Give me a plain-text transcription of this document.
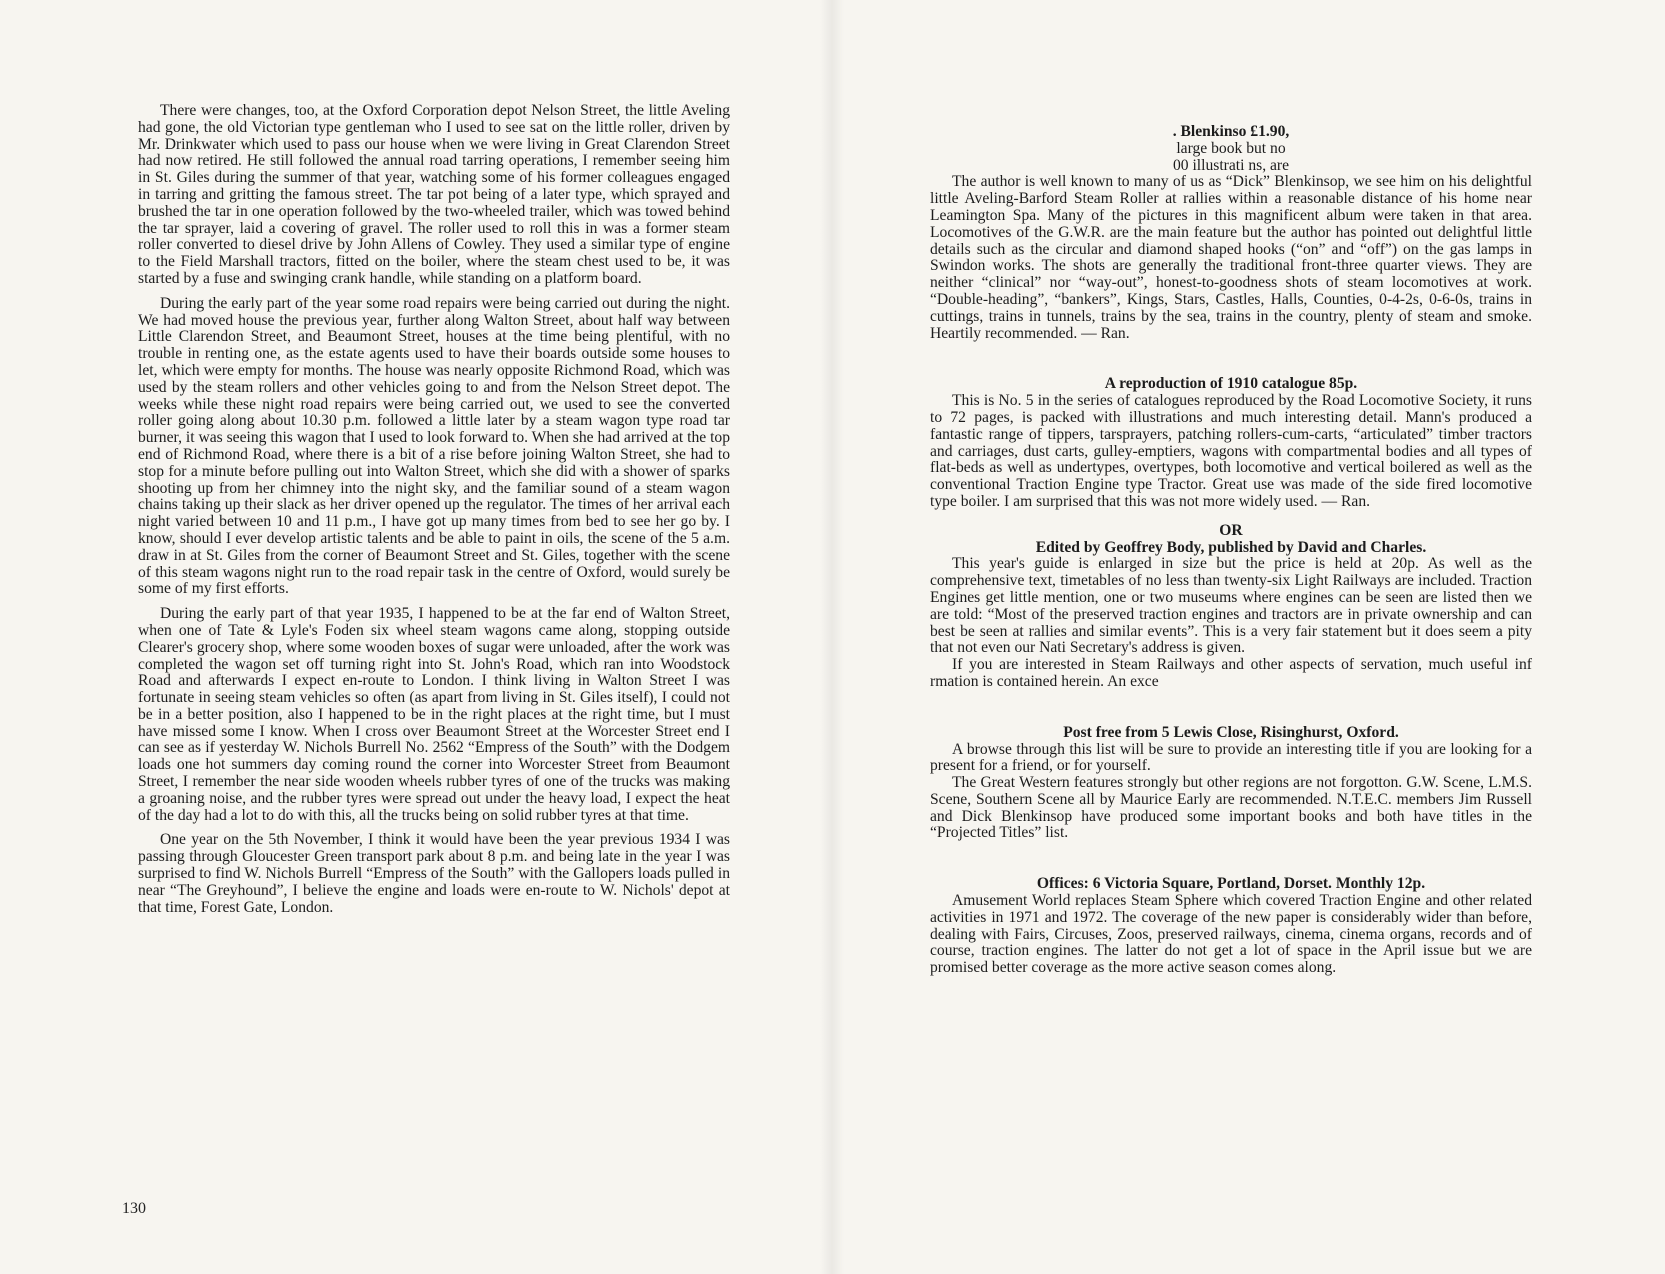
There were changes, too, at the Oxford Corporation depot Nelson Street, the little Aveling had gone, the old Victorian type gentleman who I used to see sat on the little roller, driven by Mr. Drinkwater which used to pass our house when we were living in Great Clarendon Street had now retired. He still followed the annual road tarring operations, I remember seeing him in St. Giles during the summer of that year, watching some of his former colleagues engaged in tarring and gritting the famous street. The tar pot being of a later type, which sprayed and brushed the tar in one operation followed by the two-wheeled trailer, which was towed behind the tar sprayer, laid a covering of gravel. The roller used to roll this in was a former steam roller converted to diesel drive by John Allens of Cowley. They used a similar type of engine to the Field Marshall tractors, fitted on the boiler, where the steam chest used to be, it was started by a fuse and swinging crank handle, while standing on a platform board.

During the early part of the year some road repairs were being carried out during the night. We had moved house the previous year, further along Walton Street, about half way between Little Clarendon Street, and Beaumont Street, houses at the time being plentiful, with no trouble in renting one, as the estate agents used to have their boards outside some houses to let, which were empty for months. The house was nearly opposite Richmond Road, which was used by the steam rollers and other vehicles going to and from the Nelson Street depot. The weeks while these night road repairs were being carried out, we used to see the converted roller going along about 10.30 p.m. followed a little later by a steam wagon type road tar burner, it was seeing this wagon that I used to look forward to. When she had arrived at the top end of Richmond Road, where there is a bit of a rise before joining Walton Street, she had to stop for a minute before pulling out into Walton Street, which she did with a shower of sparks shooting up from her chimney into the night sky, and the familiar sound of a steam wagon chains taking up their slack as her driver opened up the regulator. The times of her arrival each night varied between 10 and 11 p.m., I have got up many times from bed to see her go by. I know, should I ever develop artistic talents and be able to paint in oils, the scene of the 5 a.m. draw in at St. Giles from the corner of Beaumont Street and St. Giles, together with the scene of this steam wagons night run to the road repair task in the centre of Oxford, would surely be some of my first efforts.

During the early part of that year 1935, I happened to be at the far end of Walton Street, when one of Tate & Lyle's Foden six wheel steam wagons came along, stopping outside Clearer's grocery shop, where some wooden boxes of sugar were unloaded, after the work was completed the wagon set off turning right into St. John's Road, which ran into Woodstock Road and afterwards I expect en-route to London. I think living in Walton Street I was fortunate in seeing steam vehicles so often (as apart from living in St. Giles itself), I could not be in a better position, also I happened to be in the right places at the right time, but I must have missed some I know. When I cross over Beaumont Street at the Worcester Street end I can see as if yesterday W. Nichols Burrell No. 2562 “Empress of the South” with the Dodgem loads one hot summers day coming round the corner into Worcester Street from Beaumont Street, I remember the near side wooden wheels rubber tyres of one of the trucks was making a groaning noise, and the rubber tyres were spread out under the heavy load, I expect the heat of the day had a lot to do with this, all the trucks being on solid rubber tyres at that time.

One year on the 5th November, I think it would have been the year previous 1934 I was passing through Gloucester Green transport park about 8 p.m. and being late in the year I was surprised to find W. Nichols Burrell “Empress of the South” with the Gallopers loads pulled in near “The Greyhound”, I believe the engine and loads were en-route to W. Nichols' depot at that time, Forest Gate, London.

130

. Blenkinso £1.90,

large book but no

00 illustrati ns, are

The author is well known to many of us as “Dick” Blenkinsop, we see him on his delightful little Aveling-Barford Steam Roller at rallies within a reasonable distance of his home near Leamington Spa. Many of the pictures in this magnificent album were taken in that area. Locomotives of the G.W.R. are the main feature but the author has pointed out delightful little details such as the circular and diamond shaped hooks (“on” and “off”) on the gas lamps in Swindon works. The shots are generally the traditional front-three quarter views. They are neither “clinical” nor “way-out”, honest-to-goodness shots of steam locomotives at work. “Double-heading”, “bankers”, Kings, Stars, Castles, Halls, Counties, 0-4-2s, 0-6-0s, trains in cuttings, trains in tunnels, trains by the sea, trains in the country, plenty of steam and smoke. Heartily recommended. — Ran.

A reproduction of 1910 catalogue 85p.

This is No. 5 in the series of catalogues reproduced by the Road Locomotive Society, it runs to 72 pages, is packed with illustrations and much interesting detail. Mann's produced a fantastic range of tippers, tarsprayers, patching rollers-cum-carts, “articulated” timber tractors and carriages, dust carts, gulley-emptiers, wagons with compartmental bodies and all types of flat-beds as well as undertypes, overtypes, both locomotive and vertical boilered as well as the conventional Traction Engine type Tractor. Great use was made of the side fired locomotive type boiler. I am surprised that this was not more widely used. — Ran.

OR

Edited by Geoffrey Body, published by David and Charles.

This year's guide is enlarged in size but the price is held at 20p. As well as the comprehensive text, timetables of no less than twenty-six Light Railways are included. Traction Engines get little mention, one or two museums where engines can be seen are listed then we are told: “Most of the preserved traction engines and tractors are in private ownership and can best be seen at rallies and similar events”. This is a very fair statement but it does seem a pity that not even our Nati Secretary's address is given.

If you are interested in Steam Railways and other aspects of servation, much useful inf rmation is contained herein. An exce

Post free from 5 Lewis Close, Risinghurst, Oxford.

A browse through this list will be sure to provide an interesting title if you are looking for a present for a friend, or for yourself.

The Great Western features strongly but other regions are not forgotton. G.W. Scene, L.M.S. Scene, Southern Scene all by Maurice Early are recommended. N.T.E.C. members Jim Russell and Dick Blenkinsop have produced some important books and both have titles in the “Projected Titles” list.

Offices: 6 Victoria Square, Portland, Dorset. Monthly 12p.

Amusement World replaces Steam Sphere which covered Traction Engine and other related activities in 1971 and 1972. The coverage of the new paper is considerably wider than before, dealing with Fairs, Circuses, Zoos, preserved railways, cinema, cinema organs, records and of course, traction engines. The latter do not get a lot of space in the April issue but we are promised better coverage as the more active season comes along.
